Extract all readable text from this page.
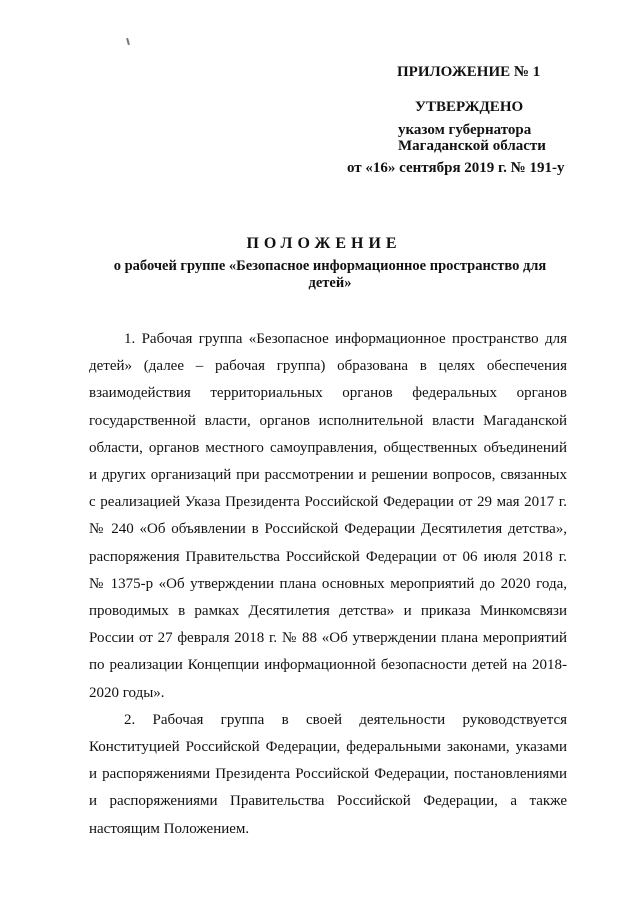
ПРИЛОЖЕНИЕ № 1
УТВЕРЖДЕНО
указом губернатора
Магаданской области
от «16» сентября 2019 г. № 191-у
ПОЛОЖЕНИЕ
о рабочей группе «Безопасное информационное пространство для детей»

1. Рабочая группа «Безопасное информационное пространство для детей» (далее – рабочая группа) образована в целях обеспечения взаимодействия территориальных органов федеральных органов государственной власти, органов исполнительной власти Магаданской области, органов местного самоуправления, общественных объединений и других организаций при рассмотрении и решении вопросов, связанных с реализацией Указа Президента Российской Федерации от 29 мая 2017 г. № 240 «Об объявлении в Российской Федерации Десятилетия детства», распоряжения Правительства Российской Федерации от 06 июля 2018 г. № 1375-р «Об утверждении плана основных мероприятий до 2020 года, проводимых в рамках Десятилетия детства» и приказа Минкомсвязи России от 27 февраля 2018 г. № 88 «Об утверждении плана мероприятий по реализации Концепции информационной безопасности детей на 2018-2020 годы».

2. Рабочая группа в своей деятельности руководствуется Конституцией Российской Федерации, федеральными законами, указами и распоряжениями Президента Российской Федерации, постановлениями и распоряжениями Правительства Российской Федерации, а также настоящим Положением.
